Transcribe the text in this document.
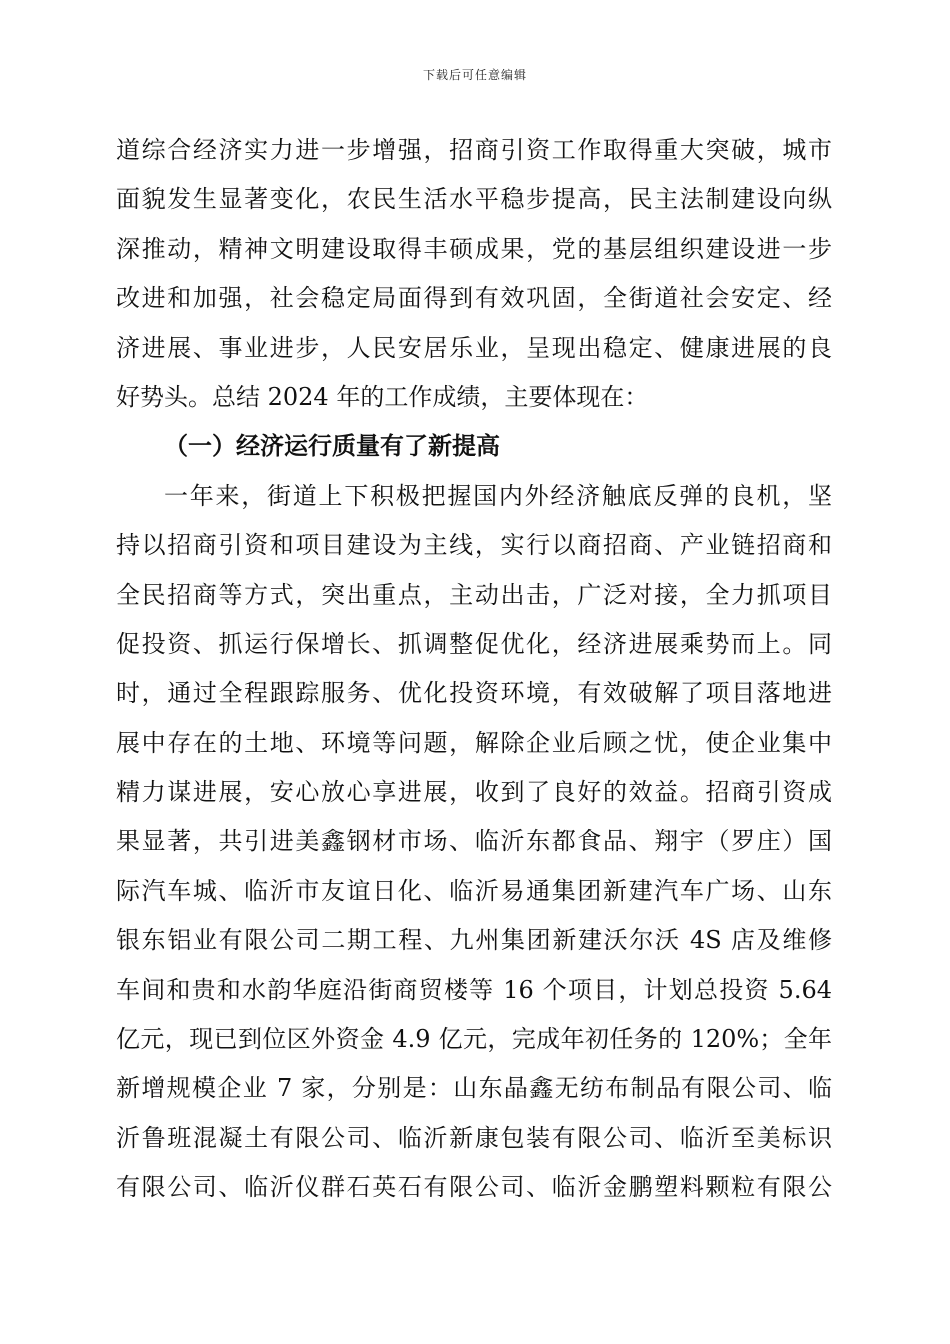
下载后可任意编辑
道综合经济实力进一步增强，招商引资工作取得重大突破，城市
面貌发生显著变化，农民生活水平稳步提高，民主法制建设向纵
深推动，精神文明建设取得丰硕成果，党的基层组织建设进一步
改进和加强，社会稳定局面得到有效巩固，全街道社会安定、经
济进展、事业进步，人民安居乐业，呈现出稳定、健康进展的良
好势头。总结 2024 年的工作成绩，主要体现在：
（一）经济运行质量有了新提高
一年来，街道上下积极把握国内外经济触底反弹的良机，坚
持以招商引资和项目建设为主线，实行以商招商、产业链招商和
全民招商等方式，突出重点，主动出击，广泛对接，全力抓项目
促投资、抓运行保增长、抓调整促优化，经济进展乘势而上。同
时，通过全程跟踪服务、优化投资环境，有效破解了项目落地进
展中存在的土地、环境等问题，解除企业后顾之忧，使企业集中
精力谋进展，安心放心享进展，收到了良好的效益。招商引资成
果显著，共引进美鑫钢材市场、临沂东都食品、翔宇（罗庄）国
际汽车城、临沂市友谊日化、临沂易通集团新建汽车广场、山东
银东铝业有限公司二期工程、九州集团新建沃尔沃 4S 店及维修
车间和贵和水韵华庭沿街商贸楼等 16 个项目，计划总投资 5.64
亿元，现已到位区外资金 4.9 亿元，完成年初任务的 120%；全年
新增规模企业 7 家，分别是：山东晶鑫无纺布制品有限公司、临
沂鲁班混凝土有限公司、临沂新康包装有限公司、临沂至美标识
有限公司、临沂仪群石英石有限公司、临沂金鹏塑料颗粒有限公
